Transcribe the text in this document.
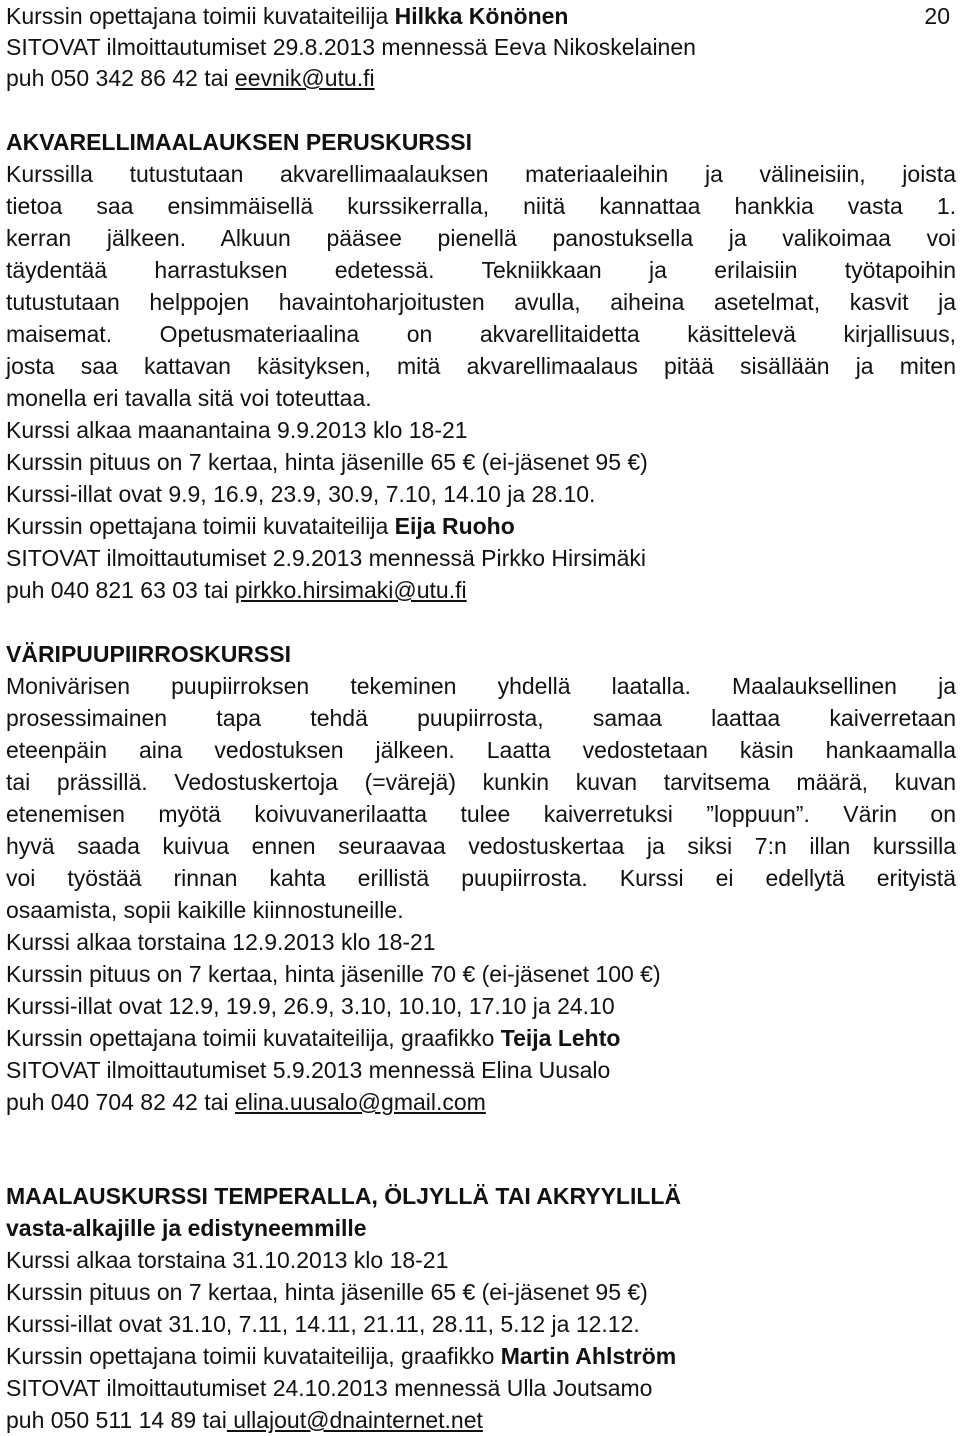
Kurssin opettajana toimii kuvataiteilija Hilkka Könönen
SITOVAT ilmoittautumiset 29.8.2013 mennessä Eeva Nikoskelainen
puh 050 342 86 42 tai eevnik@utu.fi
AKVARELLIMAALAUKSEN PERUSKURSSI
Kurssilla tutustutaan akvarellimaalauksen materiaaleihin ja välineisiin, joista
tietoa saa ensimmäisellä kurssikerralla, niitä kannattaa hankkia vasta 1.
kerran jälkeen. Alkuun pääsee pienellä panostuksella ja valikoimaa voi
täydentää harrastuksen edetessä. Tekniikkaan ja erilaisiin työtapoihin
tutustutaan helppojen havaintoharjoitusten avulla, aiheina asetelmat, kasvit ja
maisemat. Opetusmateriaalina on akvarellitaidetta käsittelevä kirjallisuus,
josta saa kattavan käsityksen, mitä akvarellimaalaus pitää sisällään ja miten
monella eri tavalla sitä voi toteuttaa.
Kurssi alkaa maanantaina 9.9.2013 klo 18-21
Kurssin pituus on 7 kertaa, hinta jäsenille 65 € (ei-jäsenet 95 €)
Kurssi-illat ovat 9.9, 16.9, 23.9, 30.9, 7.10, 14.10 ja 28.10.
Kurssin opettajana toimii kuvataiteilija Eija Ruoho
SITOVAT ilmoittautumiset 2.9.2013 mennessä Pirkko Hirsimäki
puh 040 821 63 03 tai pirkko.hirsimaki@utu.fi
VÄRIPUUPIIRROSKURSSI
Monivärisen puupiirroksen tekeminen yhdellä laatalla. Maalauksellinen ja
prosessimainen tapa tehdä puupiirrosta, samaa laattaa kaiverretaan
eteenpäin aina vedostuksen jälkeen. Laatta vedostetaan käsin hankaamalla
tai prässillä. Vedostuskertoja (=värejä) kunkin kuvan tarvitsema määrä, kuvan
etenemisen myötä koivuvanerilaatta tulee kaiverretuksi ”loppuun”. Värin on
hyvä saada kuivua ennen seuraavaa vedostuskertaa ja siksi 7:n illan kurssilla
voi työstää rinnan kahta erillistä puupiirrosta. Kurssi ei edellytä erityistä
osaamista, sopii kaikille kiinnostuneille.
Kurssi alkaa torstaina 12.9.2013 klo 18-21
Kurssin pituus on 7 kertaa, hinta jäsenille 70 € (ei-jäsenet 100 €)
Kurssi-illat ovat 12.9, 19.9, 26.9, 3.10, 10.10, 17.10 ja 24.10
Kurssin opettajana toimii kuvataiteilija, graafikko Teija Lehto
SITOVAT ilmoittautumiset 5.9.2013 mennessä Elina Uusalo
puh 040 704 82 42 tai elina.uusalo@gmail.com
MAALAUSKURSSI TEMPERALLA, ÖLJYLLÄ TAI AKRYYLILLÄ
vasta-alkajille ja edistyneemmille
Kurssi alkaa torstaina 31.10.2013 klo 18-21
Kurssin pituus on 7 kertaa, hinta jäsenille 65 € (ei-jäsenet 95 €)
Kurssi-illat ovat 31.10, 7.11, 14.11, 21.11, 28.11, 5.12 ja 12.12.
Kurssin opettajana toimii kuvataiteilija, graafikko Martin Ahlström
SITOVAT ilmoittautumiset 24.10.2013 mennessä Ulla Joutsamo
puh 050 511 14 89 tai ullajout@dnainternet.net
20
